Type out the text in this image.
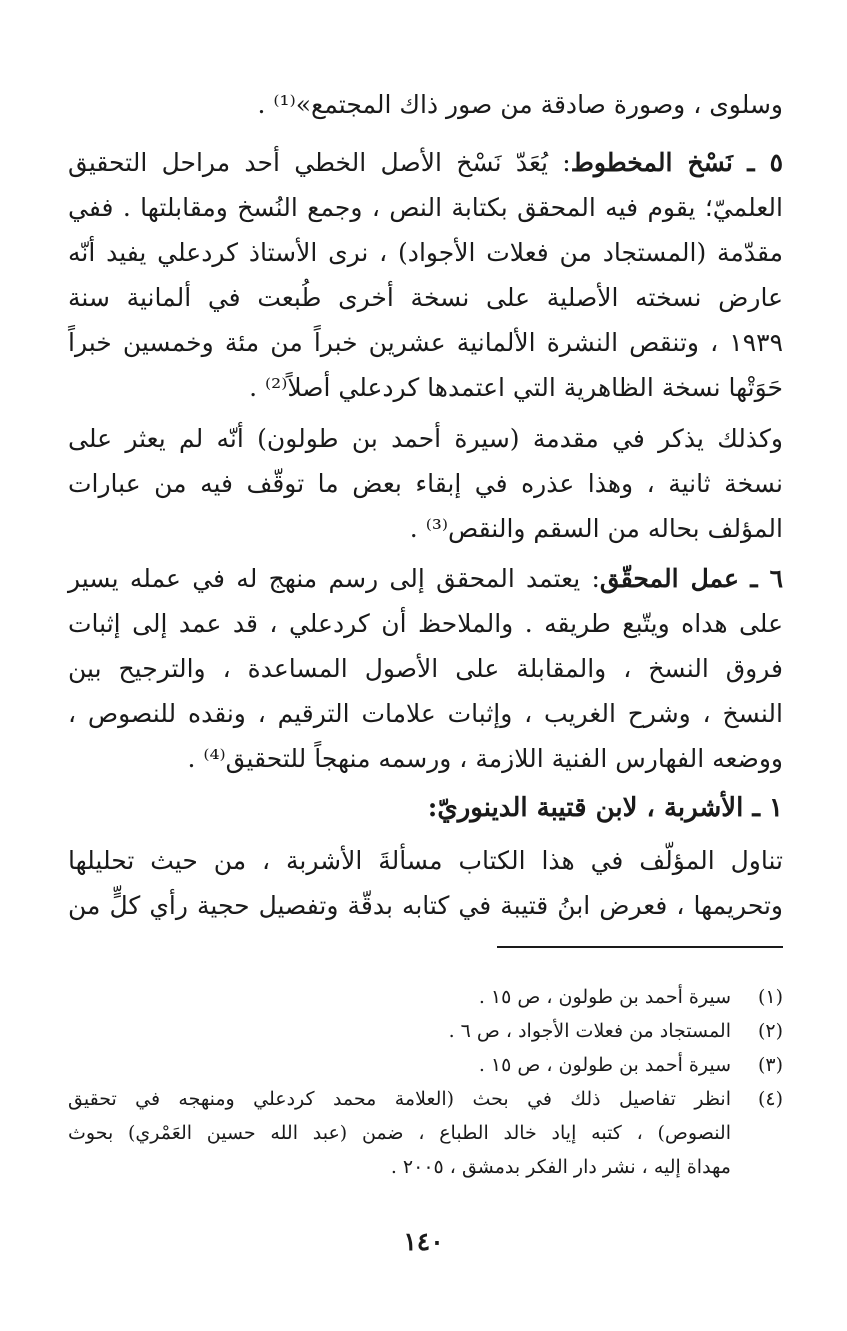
وسلوى ، وصورة صادقة من صور ذاك المجتمع»⁽¹⁾ .

٥ ـ نَسْخ المخطوط: يُعَدّ نَسْخ الأصل الخطي أحد مراحل التحقيق
العلميّ؛ يقوم فيه المحقق بكتابة النص ، وجمع النُسخ ومقابلتها . ففي
مقدّمة (المستجاد من فعلات الأجواد) ، نرى الأستاذ كردعلي يفيد أنّه
عارض نسخته الأصلية على نسخة أخرى طُبعت في ألمانية سنة
١٩٣٩ ، وتنقص النشرة الألمانية عشرين خبراً من مئة وخمسين خبراً
حَوَتْها نسخة الظاهرية التي اعتمدها كردعلي أصلاً⁽²⁾ .

وكذلك يذكر في مقدمة (سيرة أحمد بن طولون) أنّه لم يعثر على
نسخة ثانية ، وهذا عذره في إبقاء بعض ما توقّف فيه من عبارات
المؤلف بحاله من السقم والنقص⁽³⁾ .

٦ ـ عمل المحقّق: يعتمد المحقق إلى رسم منهج له في عمله يسير
على هداه ويتّبع طريقه . والملاحظ أن كردعلي ، قد عمد إلى إثبات
فروق النسخ ، والمقابلة على الأصول المساعدة ، والترجيح بين
النسخ ، وشرح الغريب ، وإثبات علامات الترقيم ، ونقده للنصوص ،
ووضعه الفهارس الفنية اللازمة ، ورسمه منهجاً للتحقيق⁽⁴⁾ .

١ ـ الأشربة ، لابن قتيبة الدينوريّ:

تناول المؤلّف في هذا الكتاب مسألةَ الأشربة ، من حيث تحليلها
وتحريمها ، فعرض ابنُ قتيبة في كتابه بدقّة وتفصيل حجية رأي كلٍّ من

(١)
سيرة أحمد بن طولون ، ص ١٥ .
(٢)
المستجاد من فعلات الأجواد ، ص ٦ .
(٣)
سيرة أحمد بن طولون ، ص ١٥ .
(٤)
انظر تفاصيل ذلك في بحث (العلامة محمد كردعلي ومنهجه في تحقيق
النصوص) ، كتبه إياد خالد الطباع ، ضمن (عبد الله حسين العَمْري) بحوث
مهداة إليه ، نشر دار الفكر بدمشق ، ٢٠٠٥ .
١٤٠
